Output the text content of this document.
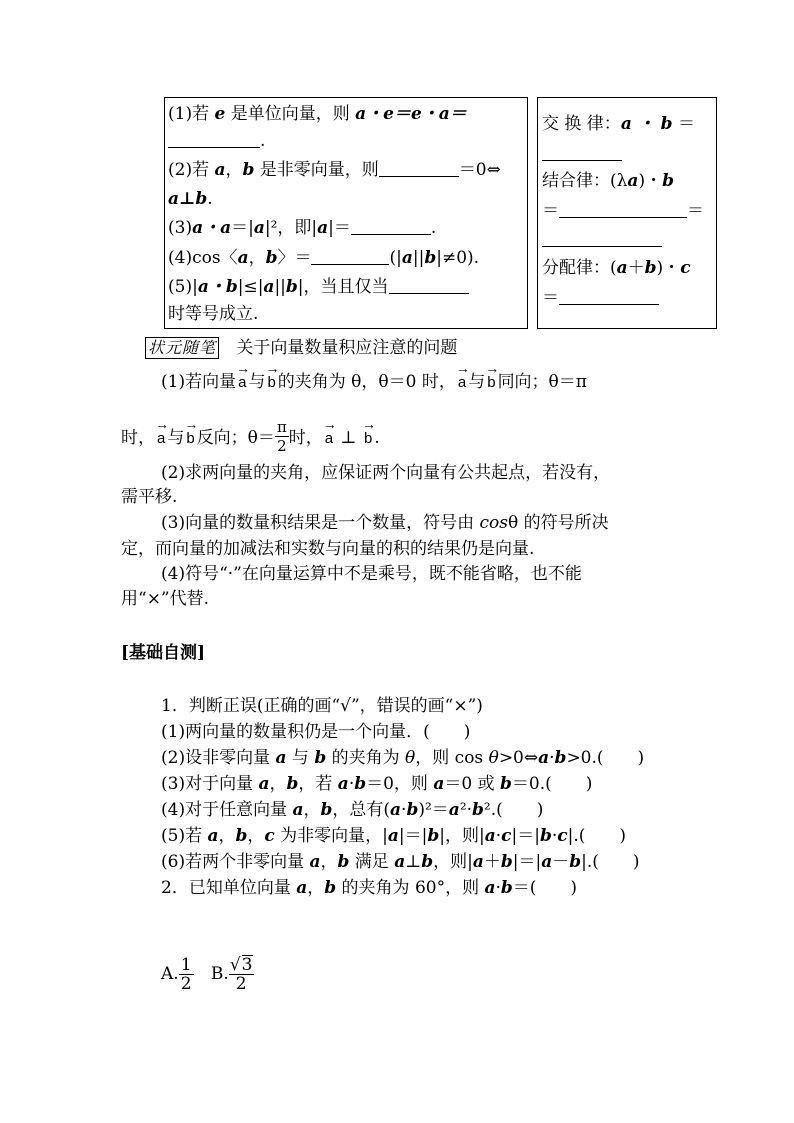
(1)若 e 是单位向量，则 a・e＝e・a＝
.
(2)若 a，b 是非零向量，则	＝0⇔
a⊥b.
(3)a・a＝|a|²，即|a|＝	.
(4)cos〈a，b〉＝	(|a||b|≠0).
(5)|a・b|≤|a||b|，当且仅当
时等号成立.
交 换 律：a ・ b ＝
结合律：(λa)・b
＝	＝
分配律：(a＋b)・c
＝
状元随笔 关于向量数量积应注意的问题
(1)若向量 → a 与 → b 的夹角为 θ，θ＝0 时， → a 与 → b 同向；θ＝π
时， → a 与 → b 反向；$\theta= \frac{\pi}{2}$ 时， → a ⊥ → b .
(2)求两向量的夹角，应保证两个向量有公共起点，若没有，
需平移.
(3)向量的数量积结果是一个数量，符号由 cosθ 的符号所决
定，而向量的加减法和实数与向量的积的结果仍是向量.
(4)符号“·”在向量运算中不是乘号，既不能省略，也不能
用“×”代替.
[基础自测]
1．判断正误(正确的画“√”，错误的画“×”)
(1)两向量的数量积仍是一个向量．(　　)
(2)设非零向量 a 与 b 的夹角为 θ，则 cos θ>0⇔a·b>0.(　　)
(3)对于向量 a，b，若 a·b＝0，则 a＝0 或 b＝0.(　　)
(4)对于任意向量 a，b，总有(a·b)²＝a²·b².(　　)
(5)若 a，b，c 为非零向量，|a|＝|b|，则|a·c|＝|b·c|.(　　)
(6)若两个非零向量 a，b 满足 a⊥b，则|a＋b|＝|a－b|.(　　)
2．已知单位向量 a，b 的夹角为 60°，则 a·b＝(　　)
A. $\frac{1}{2} B$. $\frac{√3}{2}$
